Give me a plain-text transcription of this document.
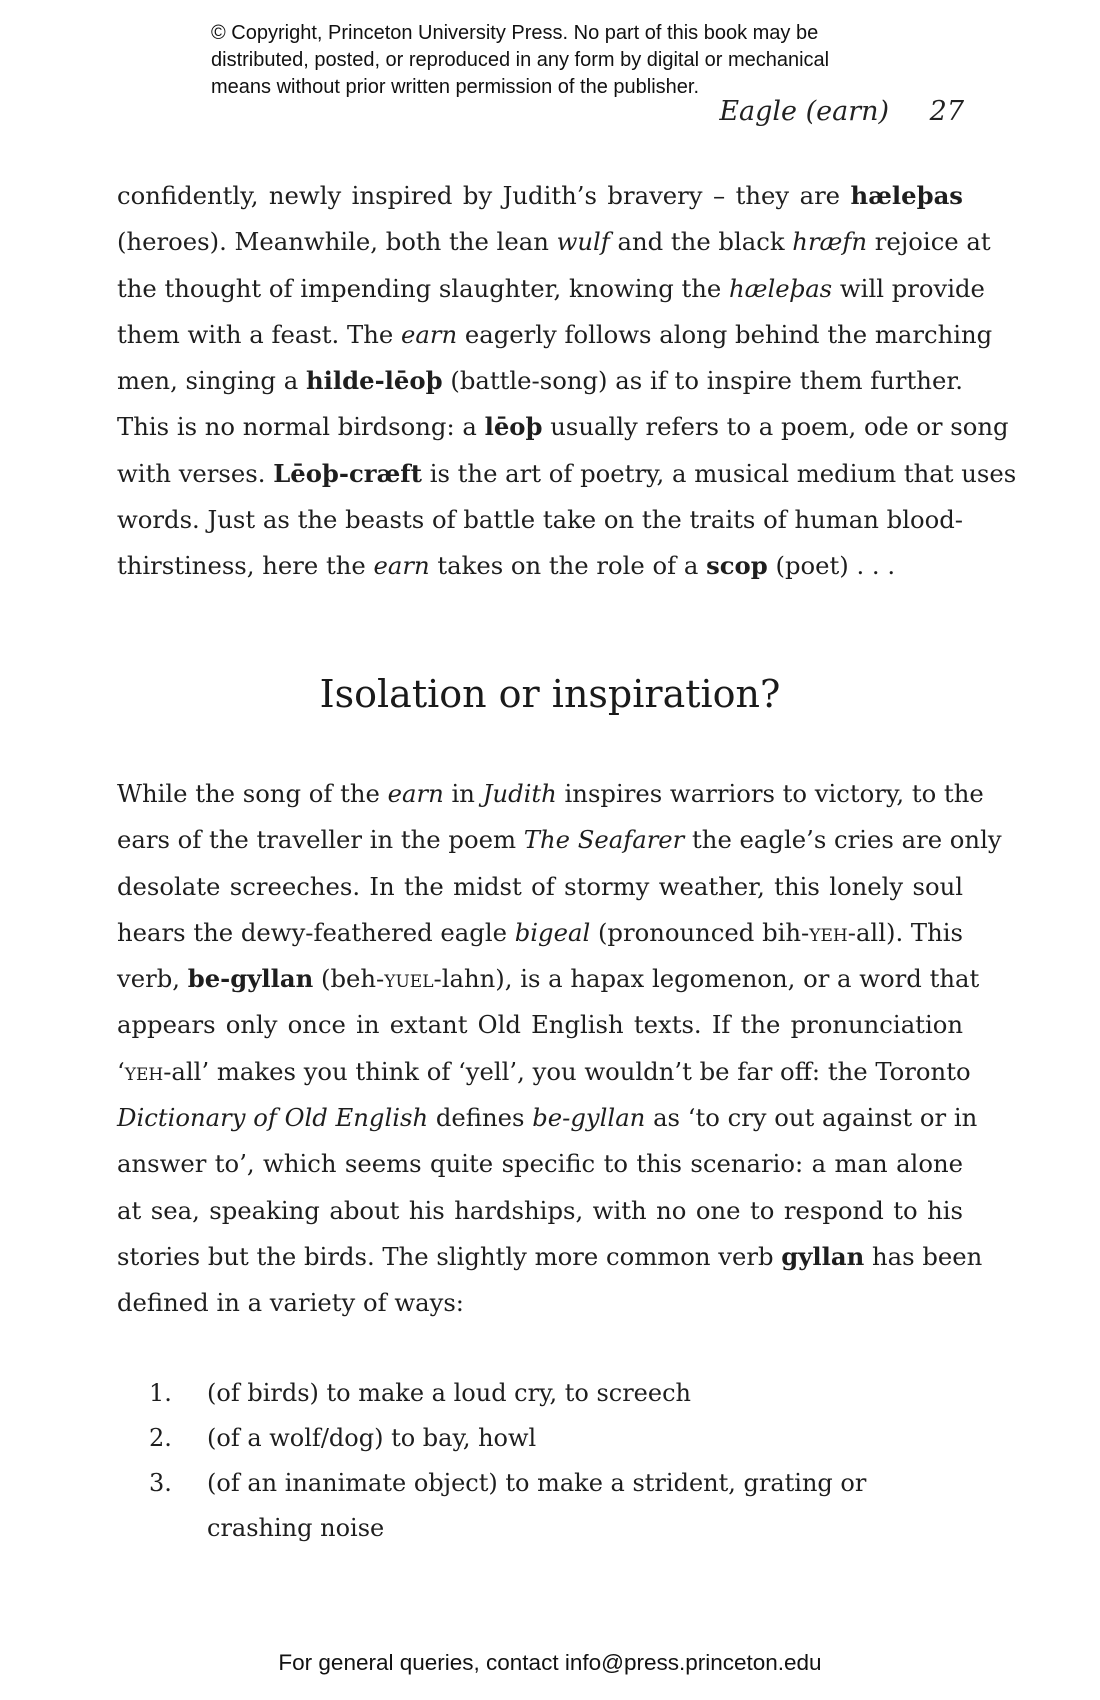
© Copyright, Princeton University Press. No part of this book may be
distributed, posted, or reproduced in any form by digital or mechanical
means without prior written permission of the publisher.
Eagle (earn) 27
confidently, newly inspired by Judith’s bravery – they are hæleþas
(heroes). Meanwhile, both the lean wulf and the black hræfn rejoice at
the thought of impending slaughter, knowing the hæleþas will provide
them with a feast. The earn eagerly follows along behind the marching
men, singing a hilde-lēoþ (battle-song) as if to inspire them further.
This is no normal birdsong: a lēoþ usually refers to a poem, ode or song
with verses. Lēoþ-cræft is the art of poetry, a musical medium that uses
words. Just as the beasts of battle take on the traits of human blood-
thirstiness, here the earn takes on the role of a scop (poet) . . .
Isolation or inspiration?
While the song of the earn in Judith inspires warriors to victory, to the
ears of the traveller in the poem The Seafarer the eagle’s cries are only
desolate screeches. In the midst of stormy weather, this lonely soul
hears the dewy-feathered eagle bigeal (pronounced bih-yeh-all). This
verb, be-gyllan (beh-yuel-lahn), is a hapax legomenon, or a word that
appears only once in extant Old English texts. If the pronunciation
‘yeh-all’ makes you think of ‘yell’, you wouldn’t be far off: the Toronto
Dictionary of Old English defines be-gyllan as ‘to cry out against or in
answer to’, which seems quite specific to this scenario: a man alone
at sea, speaking about his hardships, with no one to respond to his
stories but the birds. The slightly more common verb gyllan has been
defined in a variety of ways:
1. (of birds) to make a loud cry, to screech
2. (of a wolf/dog) to bay, howl
3. (of an inanimate object) to make a strident, grating or crashing noise
For general queries, contact info@press.princeton.edu
